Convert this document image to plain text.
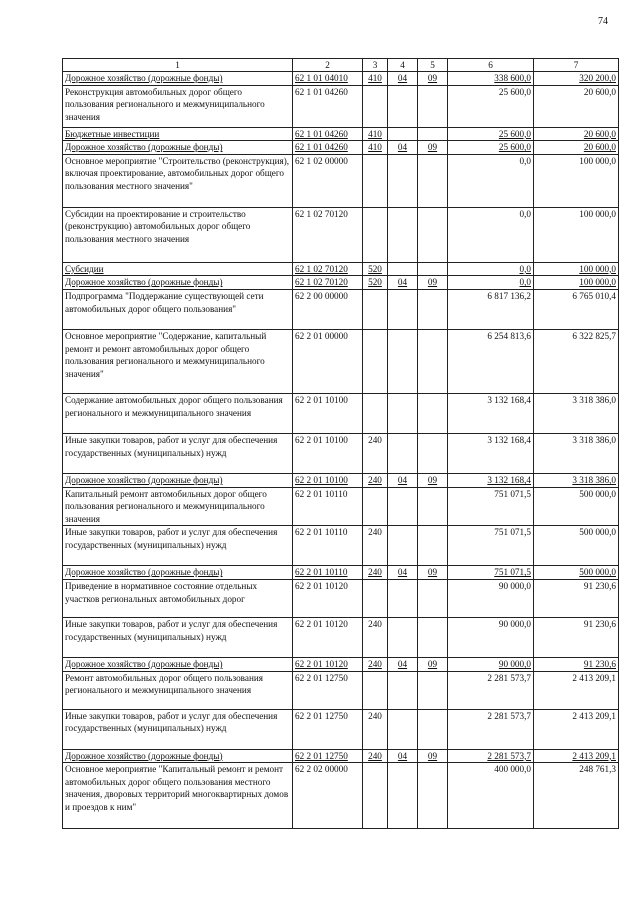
74
1	2	3	4	5	6	7
Дорожное хозяйство (дорожные фонды)	62 1 01 04010	410	04	09	338 600,0	320 200,0
Реконструкция автомобильных дорог общего пользования регионального и межмуниципального значения	62 1 01 04260				25 600,0	20 600,0
Бюджетные инвестиции	62 1 01 04260	410			25 600,0	20 600,0
Дорожное хозяйство (дорожные фонды)	62 1 01 04260	410	04	09	25 600,0	20 600,0
Основное мероприятие "Строительство (реконструкция), включая проектирование, автомобильных дорог общего пользования местного значения"	62 1 02 00000				0,0	100 000,0
Субсидии на проектирование и строительство (реконструкцию) автомобильных дорог общего пользования местного значения	62 1 02 70120				0,0	100 000,0
Субсидии	62 1 02 70120	520			0,0	100 000,0
Дорожное хозяйство (дорожные фонды)	62 1 02 70120	520	04	09	0,0	100 000,0
Подпрограмма "Поддержание существующей сети автомобильных дорог общего пользования"	62 2 00 00000				6 817 136,2	6 765 010,4
Основное мероприятие "Содержание, капитальный ремонт и ремонт автомобильных дорог общего пользования регионального и межмуниципального значения"	62 2 01 00000				6 254 813,6	6 322 825,7
Содержание автомобильных дорог общего пользования регионального и межмуниципального значения	62 2 01 10100				3 132 168,4	3 318 386,0
Иные закупки товаров, работ и услуг для обеспечения государственных (муниципальных) нужд	62 2 01 10100	240			3 132 168,4	3 318 386,0
Дорожное хозяйство (дорожные фонды)	62 2 01 10100	240	04	09	3 132 168,4	3 318 386,0
Капитальный ремонт автомобильных дорог общего пользования регионального и межмуниципального значения	62 2 01 10110				751 071,5	500 000,0
Иные закупки товаров, работ и услуг для обеспечения государственных (муниципальных) нужд	62 2 01 10110	240			751 071,5	500 000,0
Дорожное хозяйство (дорожные фонды)	62 2 01 10110	240	04	09	751 071,5	500 000,0
Приведение в нормативное состояние отдельных участков региональных автомобильных дорог	62 2 01 10120				90 000,0	91 230,6
Иные закупки товаров, работ и услуг для обеспечения государственных (муниципальных) нужд	62 2 01 10120	240			90 000,0	91 230,6
Дорожное хозяйство (дорожные фонды)	62 2 01 10120	240	04	09	90 000,0	91 230,6
Ремонт автомобильных дорог общего пользования регионального и межмуниципального значения	62 2 01 12750				2 281 573,7	2 413 209,1
Иные закупки товаров, работ и услуг для обеспечения государственных (муниципальных) нужд	62 2 01 12750	240			2 281 573,7	2 413 209,1
Дорожное хозяйство (дорожные фонды)	62 2 01 12750	240	04	09	2 281 573,7	2 413 209,1
Основное мероприятие "Капитальный ремонт и ремонт автомобильных дорог общего пользования местного значения, дворовых территорий многоквартирных домов и проездов к ним"	62 2 02 00000				400 000,0	248 761,3
